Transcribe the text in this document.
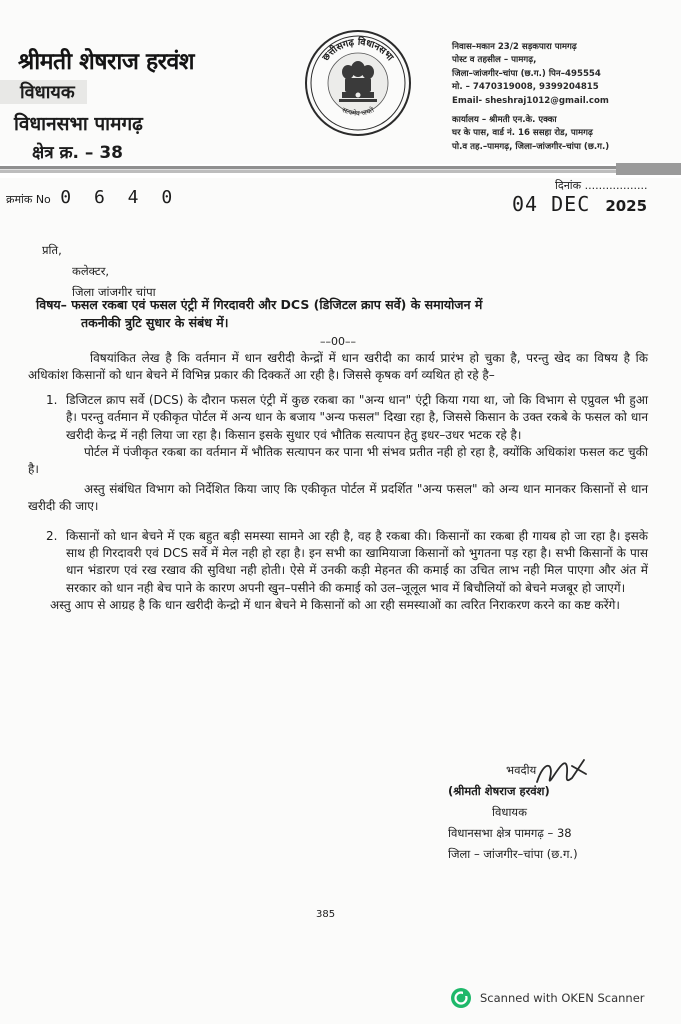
श्रीमती शेषराज हरवंश
विधायक
विधानसभा पामगढ़
क्षेत्र क्र. – 38
छत्तीसगढ़ विधानसभा
सत्यमेव जयते
निवास–मकान 23/2 सड़कपारा पामगढ़
पोस्ट व तहसील – पामगढ़,
जिला–जांजगीर–चांपा (छ.ग.) पिन–495554
मो. – 7470319008, 9399204815
Email- sheshraj1012@gmail.com
कार्यालय – श्रीमती एन.के. एक्का
घर के पास, वार्ड नं. 16 ससहा रोड, पामगढ़
पो.व तह.–पामगढ़, जिला–जांजगीर–चांपा (छ.ग.)
क्रमांक No 0 6 4 0
दिनांक ..................
04 DEC 2025
प्रति,
कलेक्टर,
जिला जांजगीर चांपा
विषय– फसल रकबा एवं फसल एंट्री में गिरदावरी और DCS (डिजिटल क्राप सर्वे) के समायोजन में
तकनीकी त्रुटि सुधार के संबंध में।
––00––

विषयांकित लेख है कि वर्तमान में धान खरीदी केन्द्रों में धान खरीदी का कार्य प्रारंभ हो चुका है, परन्तु खेद का विषय है कि अधिकांश किसानों को धान बेचने में विभिन्न प्रकार की दिक्कतें आ रही है। जिससे कृषक वर्ग व्यथित हो रहे है–

1. डिजिटल क्राप सर्वे (DCS) के दौरान फसल एंट्री में कुछ रकबा का "अन्य धान" एंट्री किया गया था, जो कि विभाग से एप्रुवल भी हुआ है। परन्तु वर्तमान में एकीकृत पोर्टल में अन्य धान के बजाय "अन्य फसल" दिखा रहा है, जिससे किसान के उक्त रकबे के फसल को धान खरीदी केन्द्र में नही लिया जा रहा है। किसान इसके सुधार एवं भौतिक सत्यापन हेतु इधर–उधर भटक रहे है।

पोर्टल में पंजीकृत रकबा का वर्तमान में भौतिक सत्यापन कर पाना भी संभव प्रतीत नही हो रहा है, क्योंकि अधिकांश फसल कट चुकी है।

अस्तु संबंधित विभाग को निर्देशित किया जाए कि एकीकृत पोर्टल में प्रदर्शित "अन्य फसल" को अन्य धान मानकर किसानों से धान खरीदी की जाए।

2. किसानों को धान बेचने में एक बहुत बड़ी समस्या सामने आ रही है, वह है रकबा की। किसानों का रकबा ही गायब हो जा रहा है। इसके साथ ही गिरदावरी एवं DCS सर्वे में मेल नही हो रहा है। इन सभी का खामियाजा किसानों को भुगतना पड़ रहा है। सभी किसानों के पास धान भंडारण एवं रख रखाव की सुविधा नही होती। ऐसे में उनकी कड़ी मेहनत की कमाई का उचित लाभ नही मिल पाएगा और अंत में सरकार को धान नही बेच पाने के कारण अपनी खुन–पसीने की कमाई को उल–जूलूल भाव में बिचौलियों को बेचने मजबूर हो जाएगें।

अस्तु आप से आग्रह है कि धान खरीदी केन्द्रो में धान बेचने मे किसानों को आ रही समस्याओं का त्वरित निराकरण करने का कष्ट करेंगे।

भवदीय
(श्रीमती शेषराज हरवंश)
विधायक
विधानसभा क्षेत्र पामगढ़ – 38
जिला – जांजगीर–चांपा (छ.ग.)
385
Scanned with OKEN Scanner
